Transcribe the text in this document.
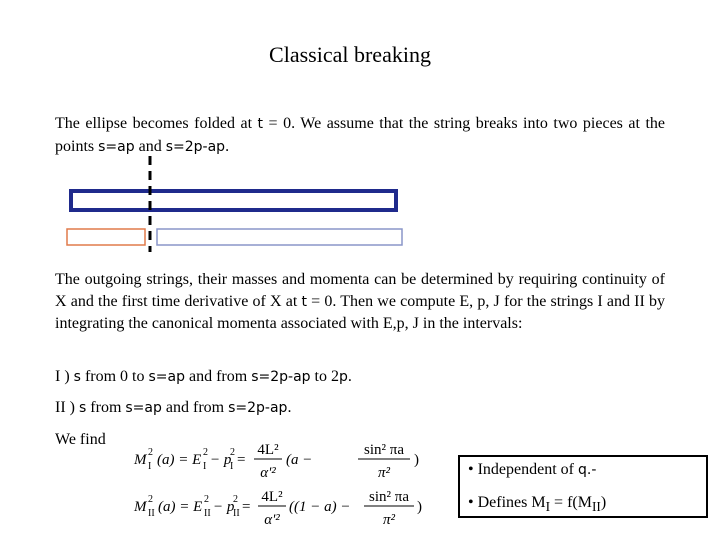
Classical breaking
The ellipse becomes folded at t = 0. We assume that the string breaks into two pieces at the points s=ap and s=2p-ap.
The outgoing strings, their masses and momenta can be determined by requiring continuity of X and the first time derivative of X at t = 0. Then we compute E, p, J for the strings I and II by integrating the canonical momenta associated with E,p, J in the intervals:
I ) s from 0 to s=ap and from s=2p-ap to 2p.
II ) s from s=ap and from s=2p-ap.
We find
M 2
I (a) = E 2
I − p
2
I =
4L²
α'²
(a −
sin² πa
π²
)
M 2
II (a) = E 2
II − p
2
II =
4L²
α'²
((1 − a) −
sin² πa
π²
)
• Independent of q.-
• Defines $M_I = f(M_{II})$
